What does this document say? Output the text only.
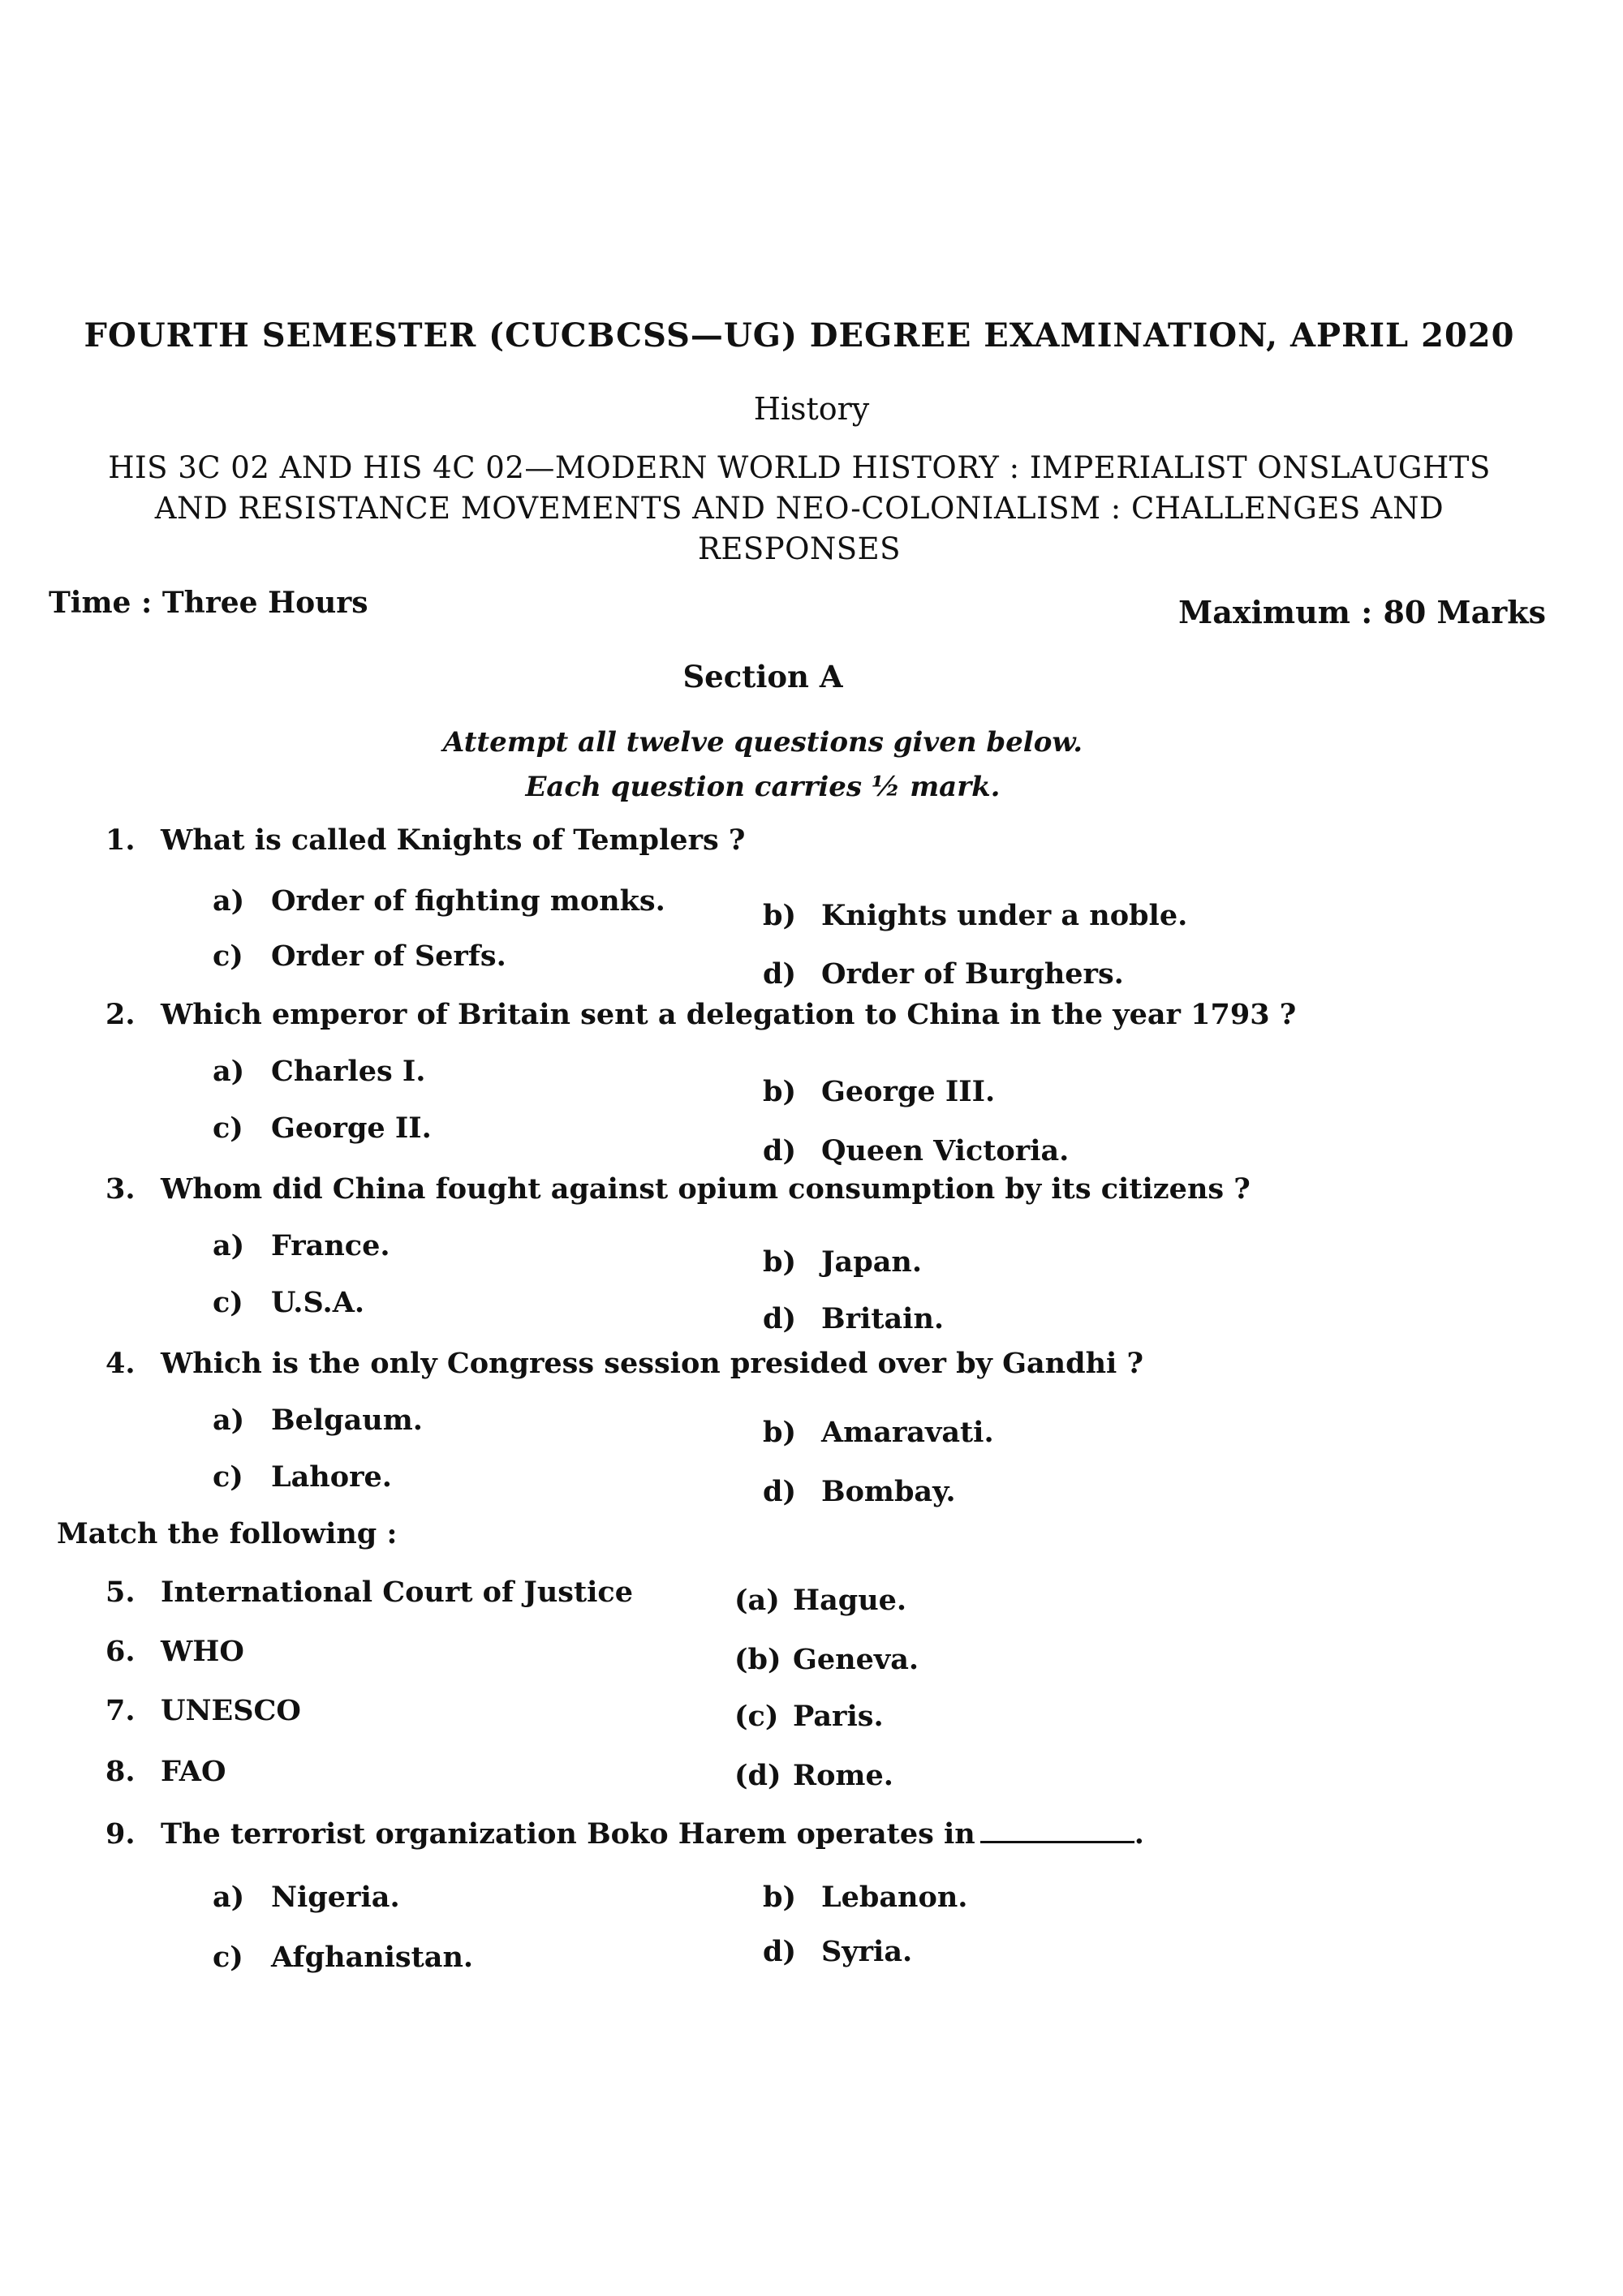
FOURTH SEMESTER (CUCBCSS—UG) DEGREE EXAMINATION, APRIL 2020
History
HIS 3C 02 AND HIS 4C 02—MODERN WORLD HISTORY : IMPERIALIST ONSLAUGHTS
AND RESISTANCE MOVEMENTS AND NEO-COLONIALISM : CHALLENGES AND
RESPONSES
Time : Three Hours	Maximum : 80 Marks
Section A
Attempt all twelve questions given below.
Each question carries ½ mark.
1. What is called Knights of Templers ?
a) Order of fighting monks.	b) Knights under a noble.
c) Order of Serfs.
d) Order of Burghers.
2. Which emperor of Britain sent a delegation to China in the year 1793 ?
a) Charles I.
b) George III.
c) George II.
d) Queen Victoria.
3. Whom did China fought against opium consumption by its citizens ?
a) France.	b) Japan.
c) U.S.A.	d) Britain.
4. Which is the only Congress session presided over by Gandhi ?
a) Belgaum.	b) Amaravati.
c) Lahore.	d) Bombay.
Match the following :
5. International Court of Justice	(a) Hague.
6. WHO	(b) Geneva.
7. UNESCO	(c) Paris.
8. FAO	(d) Rome.
9. The terrorist organization Boko Harem operates in	.
a) Nigeria.	b) Lebanon.
c) Afghanistan.	d) Syria.
